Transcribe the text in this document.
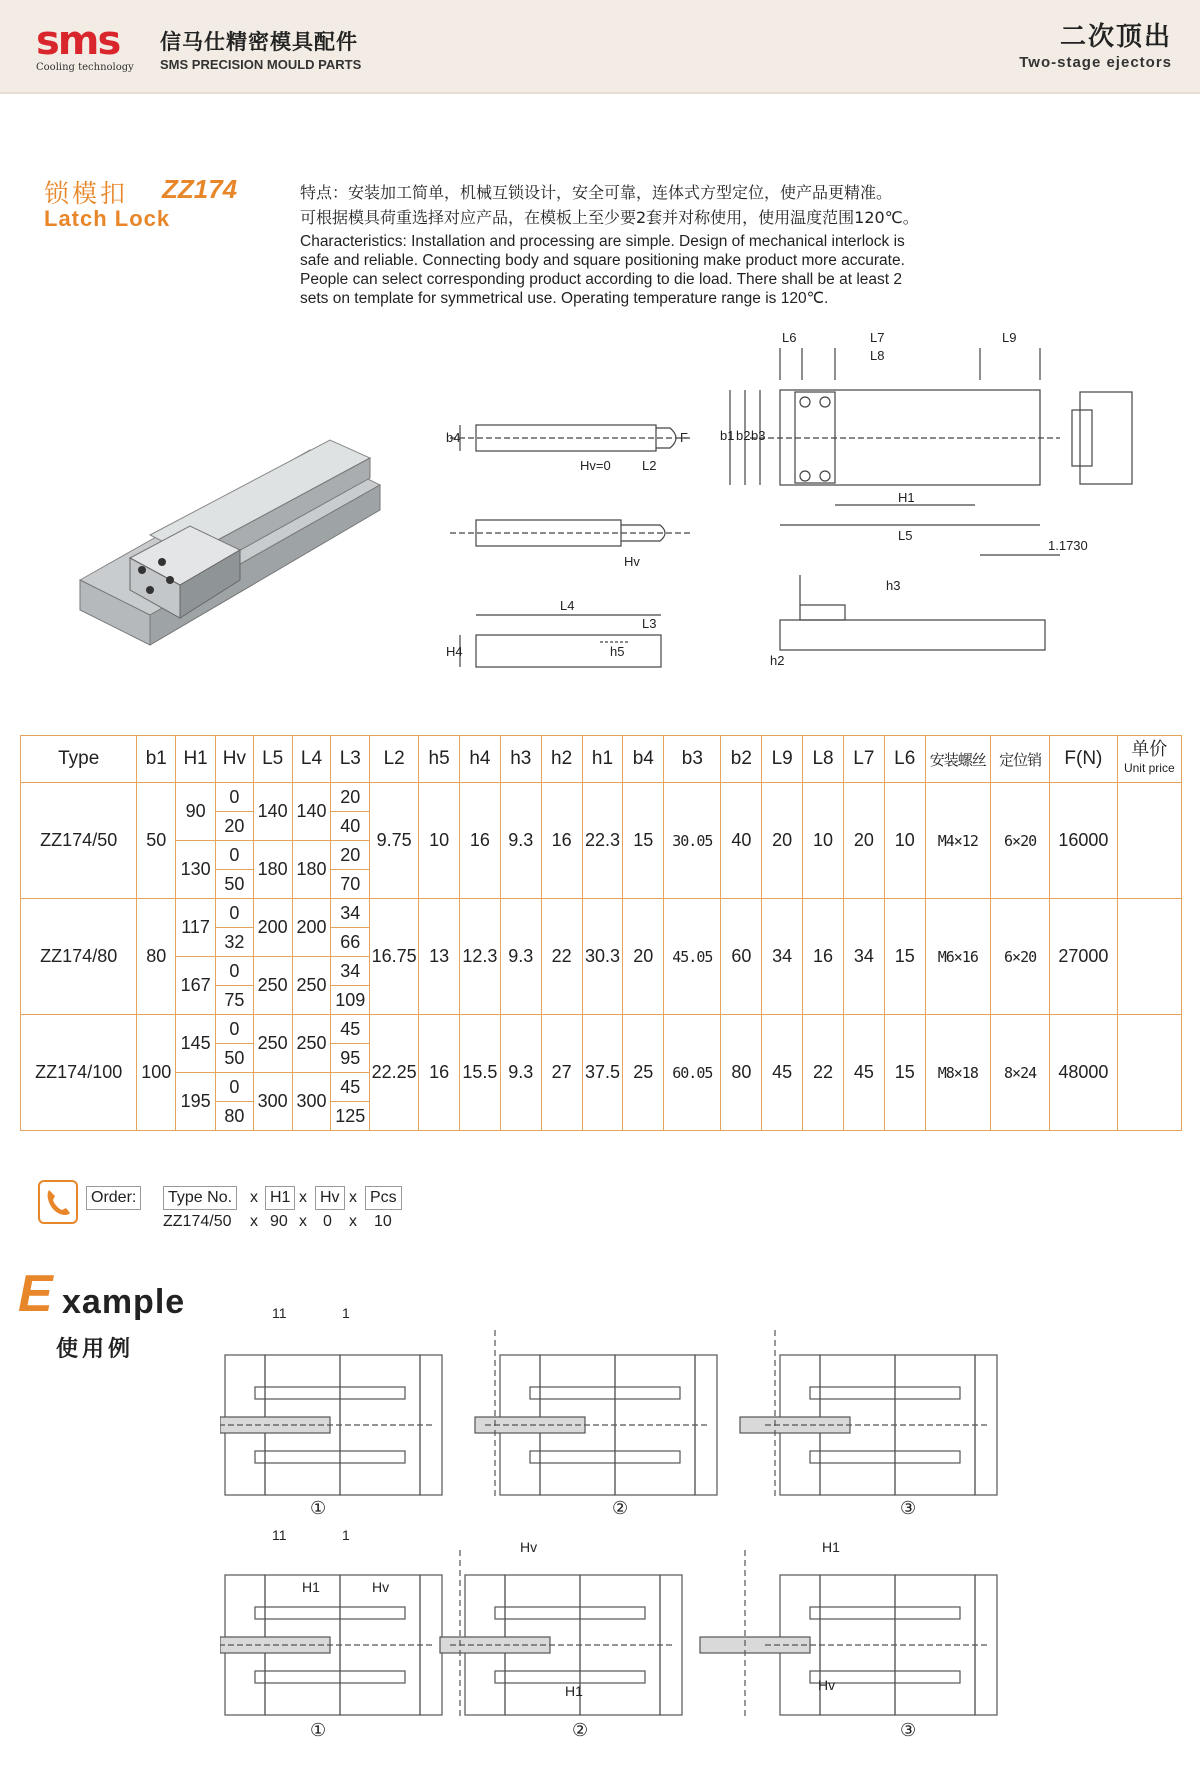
sms
Cooling technology
信马仕精密模具配件
SMS PRECISION MOULD PARTS
二次顶出
Two-stage ejectors
锁模扣 ZZ174
Latch Lock
特点：安装加工简单，机械互锁设计，安全可靠，连体式方型定位，使产品更精准。
可根据模具荷重选择对应产品，在模板上至少要2套并对称使用，使用温度范围120℃。
Characteristics: Installation and processing are simple. Design of mechanical interlock is
safe and reliable. Connecting body and square positioning make product more accurate.
People can select corresponding product according to die load. There shall be at least 2
sets on template for symmetrical use. Operating temperature range is 120℃.
L6	L7
L8
L9
b1 b2 b3
b4
H1
L5
Hv=0 L2
F
Hv
L4
L3
H4	h5
h3
h2
1.1730
Type	b1	H1	Hv	L5	L4	L3	L2	h5	h4	h3	h2	h1	b4	b3	b2	L9	L8	L7	L6	安装螺丝	定位销	F(N)	单价
Unit price

ZZ174/50	50	90	0	140	140	20	9.75	10	16	9.3	16	22.3	15	30.05	40	20	10	20	10	M4×12	6×20	16000	
			20			40																	
		130	0	180	180	20																	
			50			70																	
ZZ174/80	80	117	0	200	200	34	16.75	13	12.3	9.3	22	30.3	20	45.05	60	34	16	34	15	M6×16	6×20	27000	
			32			66																	
		167	0	250	250	34																	
			75			109																	
ZZ174/100	100	145	0	250	250	45	22.25	16	15.5	9.3	27	37.5	25	60.05	80	45	22	45	15	M8×18	8×24	48000	
			50			95																	
		195	0	300	300	45																	
			80			125																	
Order:	Type No.	x H1 x Hv x Pcs
ZZ174/50 x 90 x 0 x 10
E xample
使用例
11	1
11	1
H1	Hv
Hv
H1
H1
Hv
①	②	③
①	②	③
